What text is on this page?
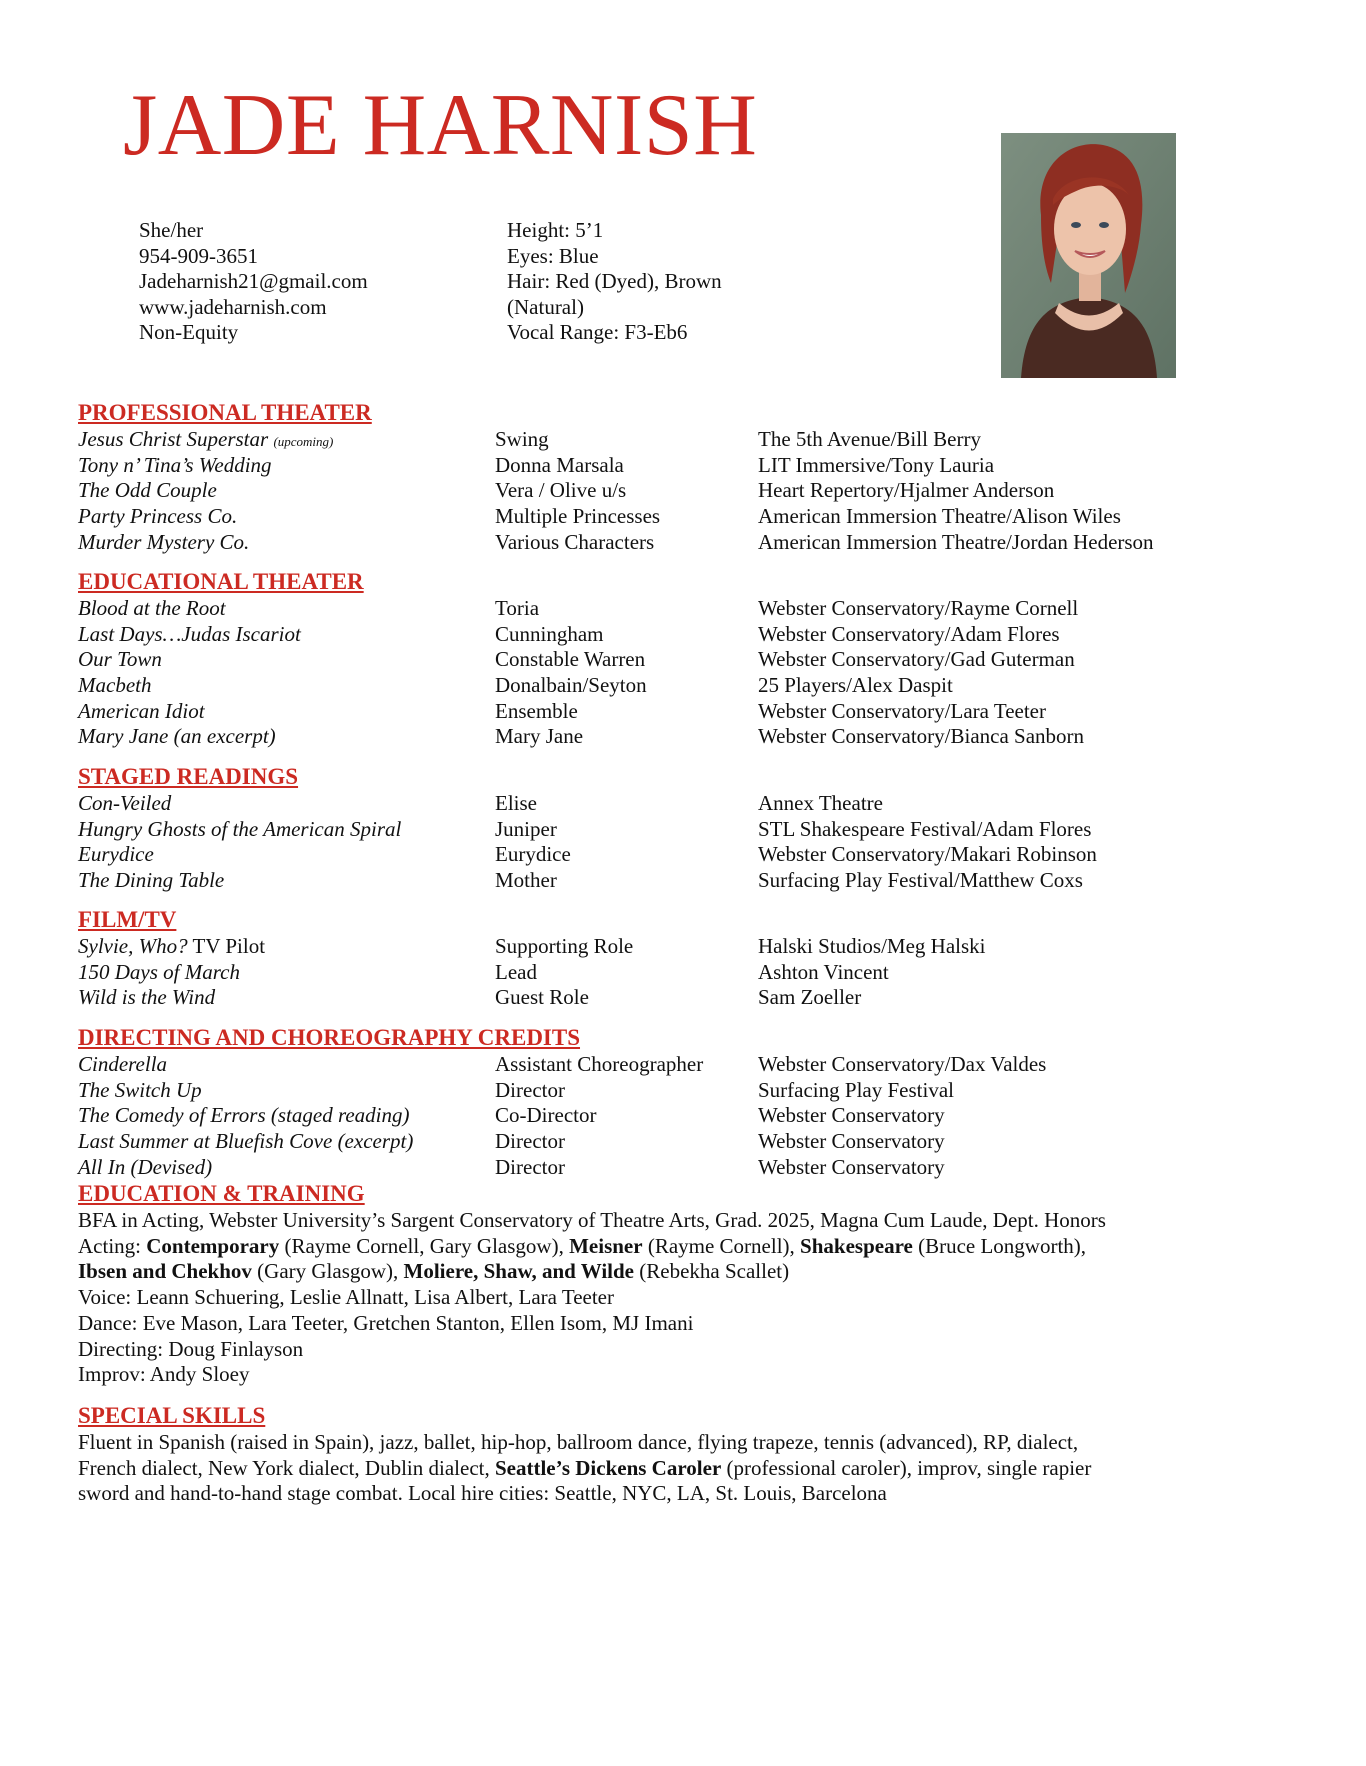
JADE HARNISH
She/her
954-909-3651
Jadeharnish21@gmail.com
www.jadeharnish.com
Non-Equity
Height: 5’1
Eyes: Blue
Hair: Red (Dyed), Brown (Natural)
Vocal Range: F3-Eb6
PROFESSIONAL THEATER
Jesus Christ Superstar (upcoming)	Swing	The 5th Avenue/Bill Berry
Tony n’ Tina’s Wedding	Donna Marsala	LIT Immersive/Tony Lauria
The Odd Couple	Vera / Olive u/s	Heart Repertory/Hjalmer Anderson
Party Princess Co.	Multiple Princesses	American Immersion Theatre/Alison Wiles
Murder Mystery Co.	Various Characters	American Immersion Theatre/Jordan Hederson
EDUCATIONAL THEATER
Blood at the Root	Toria	Webster Conservatory/Rayme Cornell
Last Days…Judas Iscariot	Cunningham	Webster Conservatory/Adam Flores
Our Town	Constable Warren	Webster Conservatory/Gad Guterman
Macbeth	Donalbain/Seyton	25 Players/Alex Daspit
American Idiot	Ensemble	Webster Conservatory/Lara Teeter
Mary Jane (an excerpt)	Mary Jane	Webster Conservatory/Bianca Sanborn
STAGED READINGS
Con-Veiled	Elise	Annex Theatre
Hungry Ghosts of the American Spiral	Juniper	STL Shakespeare Festival/Adam Flores
Eurydice	Eurydice	Webster Conservatory/Makari Robinson
The Dining Table	Mother	Surfacing Play Festival/Matthew Coxs
FILM/TV
Sylvie, Who? TV Pilot	Supporting Role	Halski Studios/Meg Halski
150 Days of March	Lead	Ashton Vincent
Wild is the Wind	Guest Role	Sam Zoeller
DIRECTING AND CHOREOGRAPHY CREDITS
Cinderella	Assistant Choreographer	Webster Conservatory/Dax Valdes
The Switch Up	Director	Surfacing Play Festival
The Comedy of Errors (staged reading)	Co-Director	Webster Conservatory
Last Summer at Bluefish Cove (excerpt)	Director	Webster Conservatory
All In (Devised)	Director	Webster Conservatory
EDUCATION & TRAINING
BFA in Acting, Webster University’s Sargent Conservatory of Theatre Arts, Grad. 2025, Magna Cum Laude, Dept. Honors
Acting: Contemporary (Rayme Cornell, Gary Glasgow), Meisner (Rayme Cornell), Shakespeare (Bruce Longworth),
Ibsen and Chekhov (Gary Glasgow), Moliere, Shaw, and Wilde (Rebekha Scallet)
Voice: Leann Schuering, Leslie Allnatt, Lisa Albert, Lara Teeter
Dance: Eve Mason, Lara Teeter, Gretchen Stanton, Ellen Isom, MJ Imani
Directing: Doug Finlayson
Improv: Andy Sloey
SPECIAL SKILLS
Fluent in Spanish (raised in Spain), jazz, ballet, hip-hop, ballroom dance, flying trapeze, tennis (advanced), RP, dialect,
French dialect, New York dialect, Dublin dialect, Seattle’s Dickens Caroler (professional caroler), improv, single rapier
sword and hand-to-hand stage combat. Local hire cities: Seattle, NYC, LA, St. Louis, Barcelona
